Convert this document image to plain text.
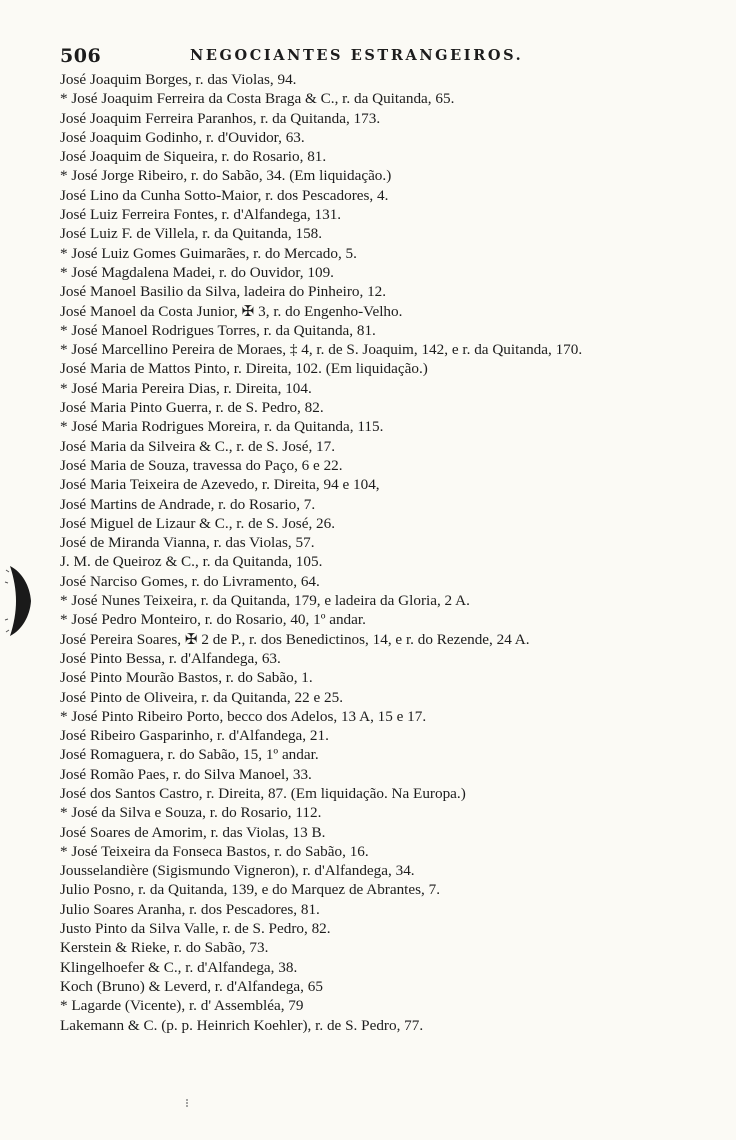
506	NEGOCIANTES ESTRANGEIROS.
José Joaquim Borges, r. das Violas, 94.
* José Joaquim Ferreira da Costa Braga & C., r. da Quitanda, 65.
José Joaquim Ferreira Paranhos, r. da Quitanda, 173.
José Joaquim Godinho, r. d'Ouvidor, 63.
José Joaquim de Siqueira, r. do Rosario, 81.
* José Jorge Ribeiro, r. do Sabão, 34. (Em liquidação.)
José Lino da Cunha Sotto-Maior, r. dos Pescadores, 4.
José Luiz Ferreira Fontes, r. d'Alfandega, 131.
José Luiz F. de Villela, r. da Quitanda, 158.
* José Luiz Gomes Guimarães, r. do Mercado, 5.
* José Magdalena Madei, r. do Ouvidor, 109.
José Manoel Basilio da Silva, ladeira do Pinheiro, 12.
José Manoel da Costa Junior, ✠ 3, r. do Engenho-Velho.
* José Manoel Rodrigues Torres, r. da Quitanda, 81.
* José Marcellino Pereira de Moraes, ‡ 4, r. de S. Joaquim, 142, e r. da Quitanda, 170.
José Maria de Mattos Pinto, r. Direita, 102. (Em liquidação.)
* José Maria Pereira Dias, r. Direita, 104.
José Maria Pinto Guerra, r. de S. Pedro, 82.
* José Maria Rodrigues Moreira, r. da Quitanda, 115.
José Maria da Silveira & C., r. de S. José, 17.
José Maria de Souza, travessa do Paço, 6 e 22.
José Maria Teixeira de Azevedo, r. Direita, 94 e 104,
José Martins de Andrade, r. do Rosario, 7.
José Miguel de Lizaur & C., r. de S. José, 26.
José de Miranda Vianna, r. das Violas, 57.
J. M. de Queiroz & C., r. da Quitanda, 105.
José Narciso Gomes, r. do Livramento, 64.
* José Nunes Teixeira, r. da Quitanda, 179, e ladeira da Gloria, 2 A.
* José Pedro Monteiro, r. do Rosario, 40, 1º andar.
José Pereira Soares, ✠ 2 de P., r. dos Benedictinos, 14, e r. do Rezende, 24 A.
José Pinto Bessa, r. d'Alfandega, 63.
José Pinto Mourão Bastos, r. do Sabão, 1.
José Pinto de Oliveira, r. da Quitanda, 22 e 25.
* José Pinto Ribeiro Porto, becco dos Adelos, 13 A, 15 e 17.
José Ribeiro Gasparinho, r. d'Alfandega, 21.
José Romaguera, r. do Sabão, 15, 1º andar.
José Romão Paes, r. do Silva Manoel, 33.
José dos Santos Castro, r. Direita, 87. (Em liquidação. Na Europa.)
* José da Silva e Souza, r. do Rosario, 112.
José Soares de Amorim, r. das Violas, 13 B.
* José Teixeira da Fonseca Bastos, r. do Sabão, 16.
Jousselandière (Sigismundo Vigneron), r. d'Alfandega, 34.
Julio Posno, r. da Quitanda, 139, e do Marquez de Abrantes, 7.
Julio Soares Aranha, r. dos Pescadores, 81.
Justo Pinto da Silva Valle, r. de S. Pedro, 82.
Kerstein & Rieke, r. do Sabão, 73.
Klingelhoefer & C., r. d'Alfandega, 38.
Koch (Bruno) & Leverd, r. d'Alfandega, 65
* Lagarde (Vicente), r. d' Assembléa, 79
Lakemann & C. (p. p. Heinrich Koehler), r. de S. Pedro, 77.
